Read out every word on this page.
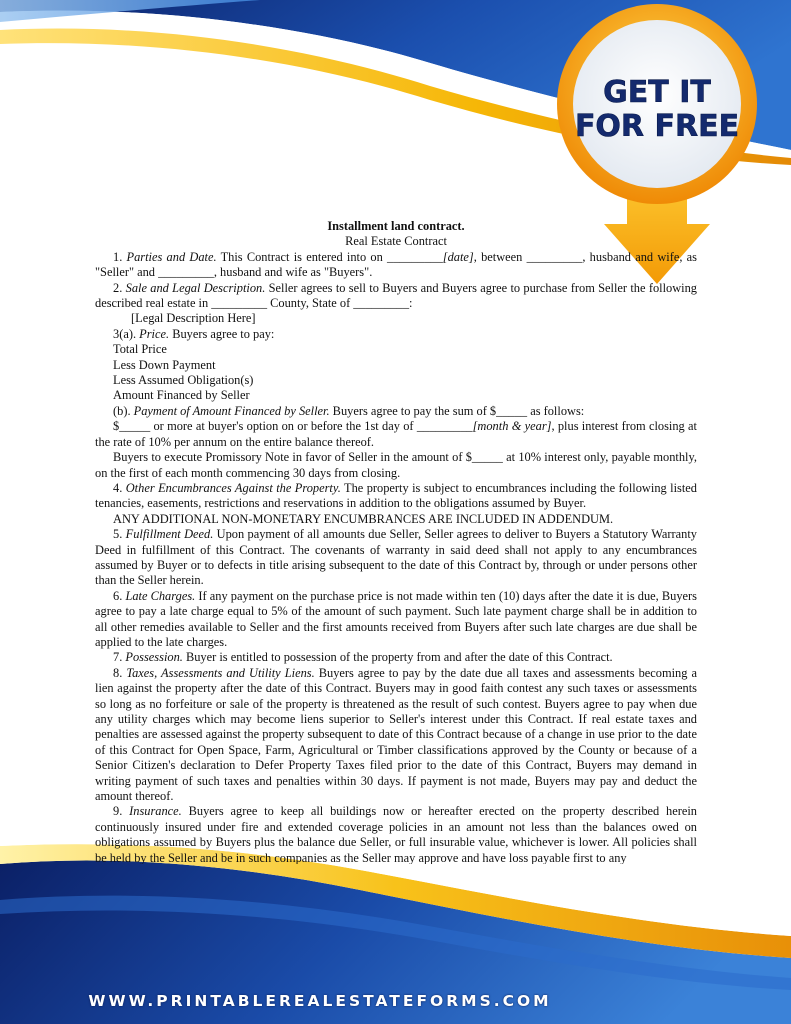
GET IT
FOR FREE
WWW.PRINTABLEREALESTATEFORMS.COM

Installment land contract.

Real Estate Contract

1. Parties and Date. This Contract is entered into on _________[date], between _________, husband and wife, as "Seller" and _________, husband and wife as "Buyers".

2. Sale and Legal Description. Seller agrees to sell to Buyers and Buyers agree to purchase from Seller the following described real estate in _________ County, State of _________:

[Legal Description Here]

3(a). Price. Buyers agree to pay:

Total Price

Less Down Payment

Less Assumed Obligation(s)

Amount Financed by Seller

(b). Payment of Amount Financed by Seller. Buyers agree to pay the sum of $_____ as follows:

$_____ or more at buyer's option on or before the 1st day of _________[month & year], plus interest from closing at the rate of 10% per annum on the entire balance thereof.

Buyers to execute Promissory Note in favor of Seller in the amount of $_____ at 10% interest only, payable monthly, on the first of each month commencing 30 days from closing.

4. Other Encumbrances Against the Property. The property is subject to encumbrances including the following listed tenancies, easements, restrictions and reservations in addition to the obligations assumed by Buyer.

ANY ADDITIONAL NON-MONETARY ENCUMBRANCES ARE INCLUDED IN ADDENDUM.

5. Fulfillment Deed. Upon payment of all amounts due Seller, Seller agrees to deliver to Buyers a Statutory Warranty Deed in fulfillment of this Contract. The covenants of warranty in said deed shall not apply to any encumbrances assumed by Buyer or to defects in title arising subsequent to the date of this Contract by, through or under persons other than the Seller herein.

6. Late Charges. If any payment on the purchase price is not made within ten (10) days after the date it is due, Buyers agree to pay a late charge equal to 5% of the amount of such payment. Such late payment charge shall be in addition to all other remedies available to Seller and the first amounts received from Buyers after such late charges are due shall be applied to the late charges.

7. Possession. Buyer is entitled to possession of the property from and after the date of this Contract.

8. Taxes, Assessments and Utility Liens. Buyers agree to pay by the date due all taxes and assessments becoming a lien against the property after the date of this Contract. Buyers may in good faith contest any such taxes or assessments so long as no forfeiture or sale of the property is threatened as the result of such contest. Buyers agree to pay when due any utility charges which may become liens superior to Seller's interest under this Contract. If real estate taxes and penalties are assessed against the property subsequent to date of this Contract because of a change in use prior to the date of this Contract for Open Space, Farm, Agricultural or Timber classifications approved by the County or because of a Senior Citizen's declaration to Defer Property Taxes filed prior to the date of this Contract, Buyers may demand in writing payment of such taxes and penalties within 30 days. If payment is not made, Buyers may pay and deduct the amount thereof.

9. Insurance. Buyers agree to keep all buildings now or hereafter erected on the property described herein continuously insured under fire and extended coverage policies in an amount not less than the balances owed on obligations assumed by Buyers plus the balance due Seller, or full insurable value, whichever is lower. All policies shall be held by the Seller and be in such companies as the Seller may approve and have loss payable first to any
